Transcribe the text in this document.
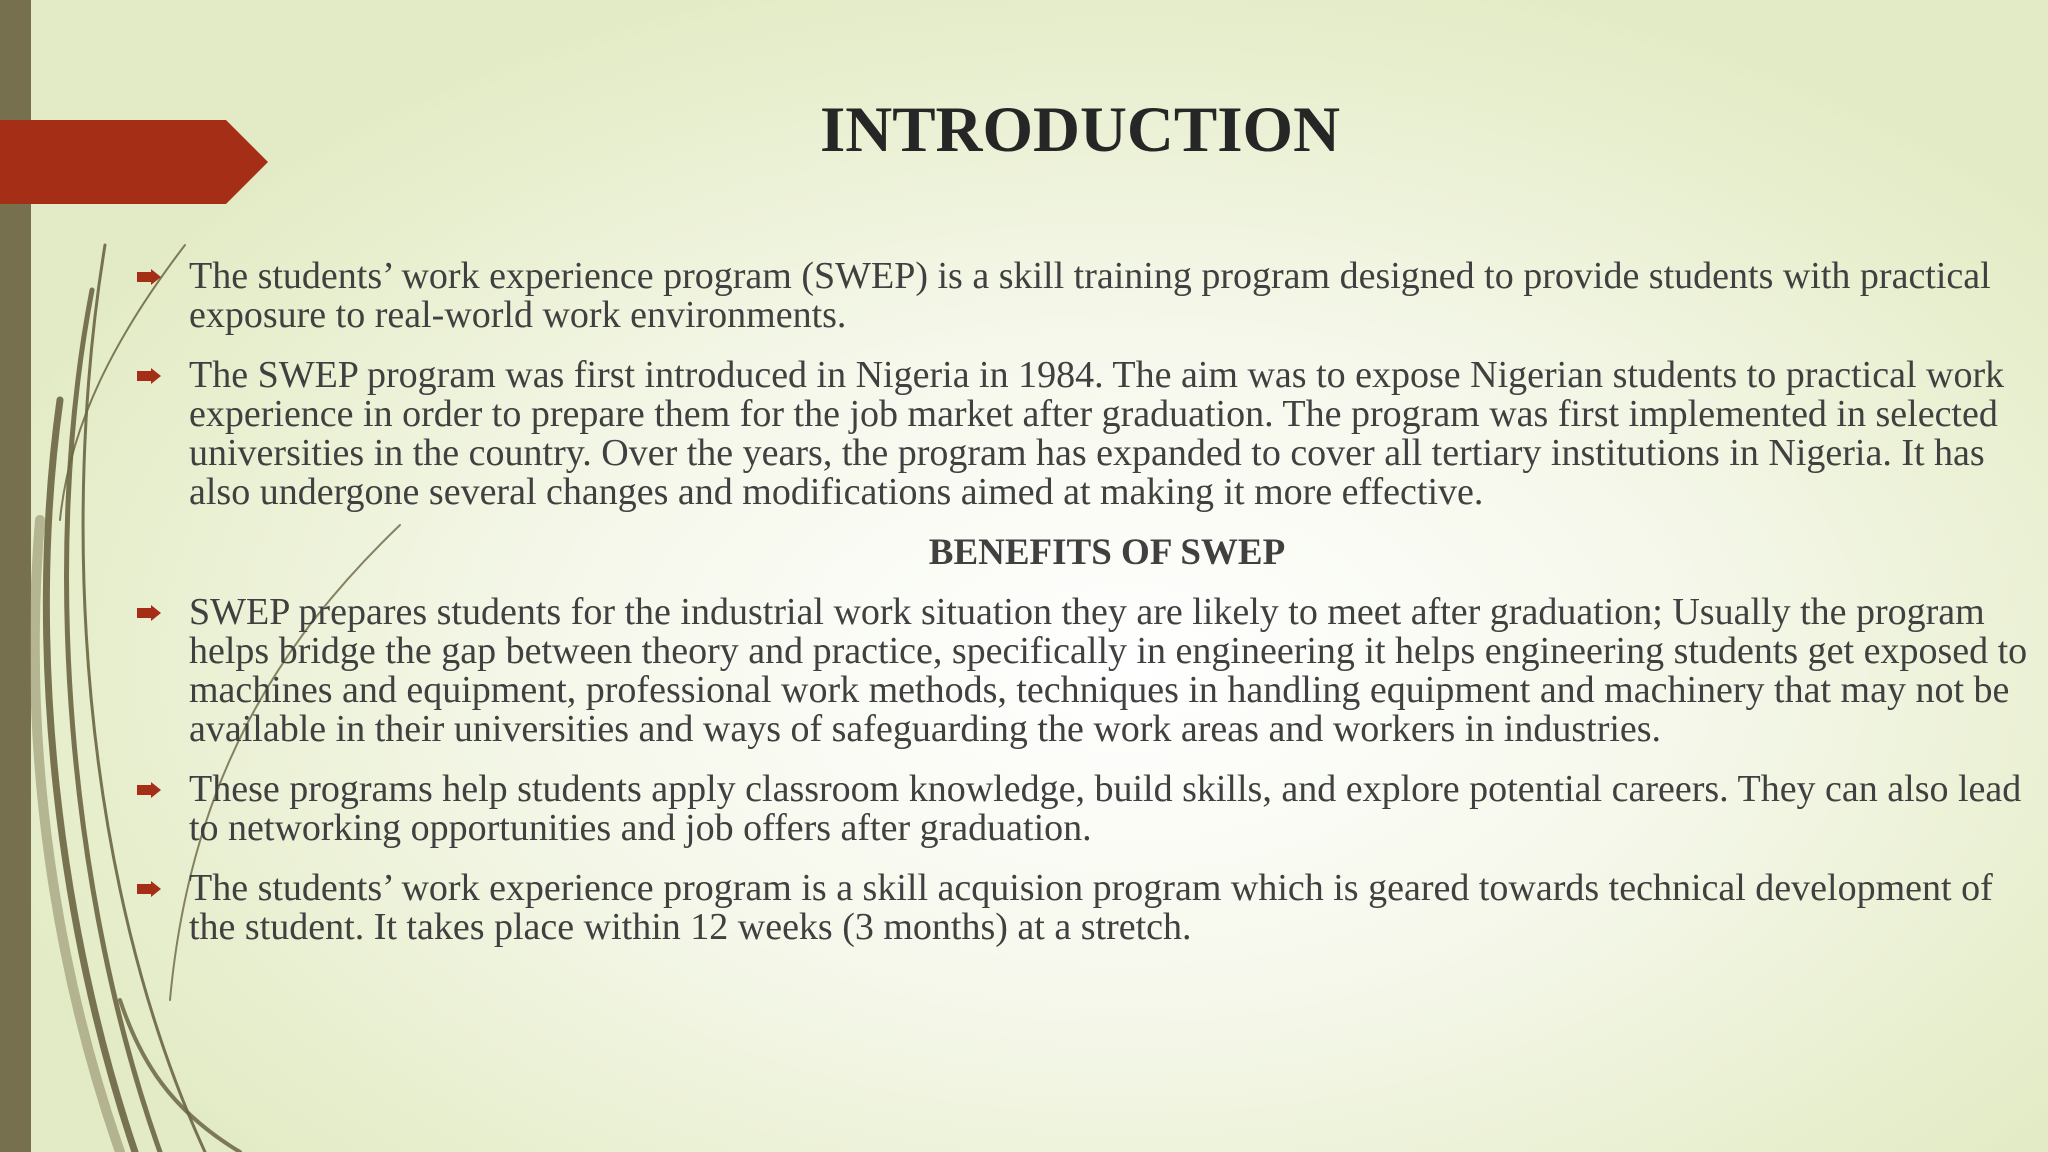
INTRODUCTION
The students’ work experience program (SWEP) is a skill training program designed to provide students with practical exposure to real-world work environments.
The SWEP program was first introduced in Nigeria in 1984. The aim was to expose Nigerian students to practical work experience in order to prepare them for the job market after graduation. The program was first implemented in selected universities in the country. Over the years, the program has expanded to cover all tertiary institutions in Nigeria. It has also undergone several changes and modifications aimed at making it more effective.
BENEFITS OF SWEP
SWEP prepares students for the industrial work situation they are likely to meet after graduation; Usually the program helps bridge the gap between theory and practice, specifically in engineering it helps engineering students get exposed to machines and equipment, professional work methods, techniques in handling equipment and machinery that may not be available in their universities and ways of safeguarding the work areas and workers in industries.
These programs help students apply classroom knowledge, build skills, and explore potential careers. They can also lead to networking opportunities and job offers after graduation.
The students’ work experience program is a skill acquision program which is geared towards technical development of the student. It takes place within 12 weeks (3 months) at a stretch.
